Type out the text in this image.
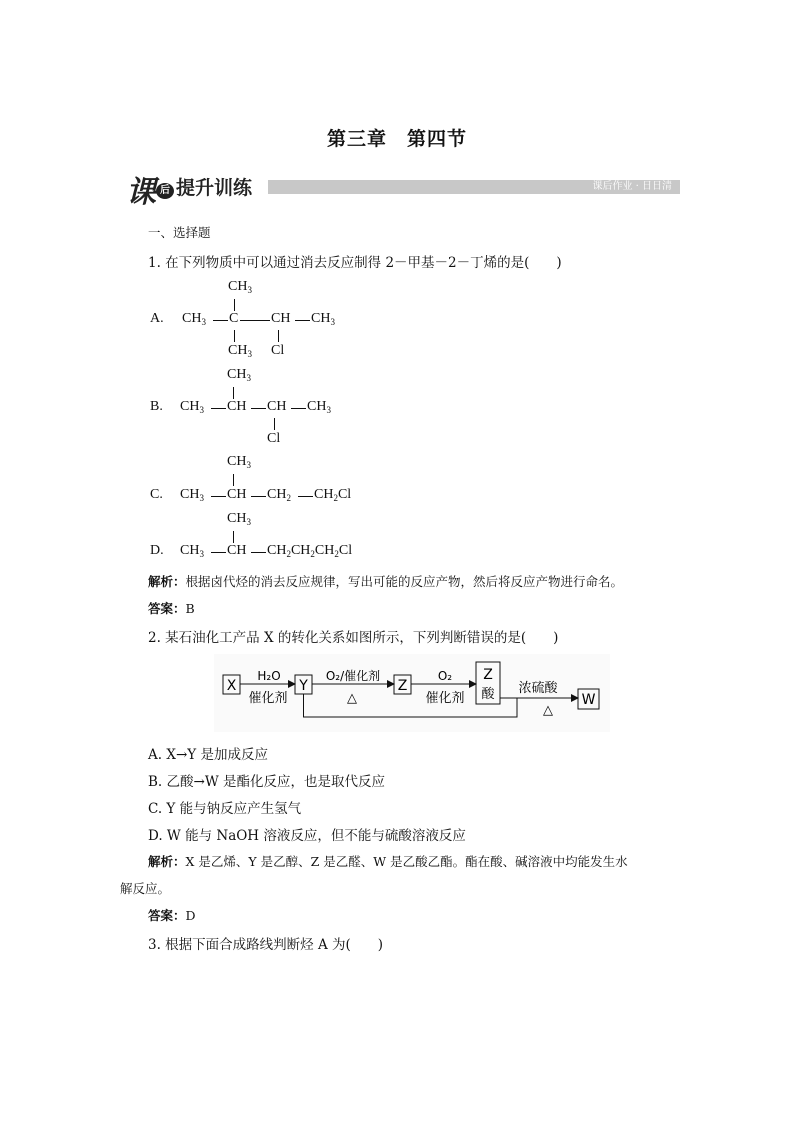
第三章　第四节
课 后 提升训练	课后作业 · 日日清
一、选择题
1. 在下列物质中可以通过消去反应制得 2－甲基－2－丁烯的是(　　)
A.
$CH_3$
$CH_3$ C CH $CH_3$
$CH_3$ Cl
B.
$CH_3$
$CH_3$ CH CH $CH_3$
Cl
C.
$CH_3$
$CH_3$ CH $CH_2$ $CH_2Cl$
D.
$CH_3$
$CH_3$ CH $CH_2CH_2CH_2Cl$
解析：根据卤代烃的消去反应规律，写出可能的反应产物，然后将反应产物进行命名。
答案：B
2. 某石油化工产品 X 的转化关系如图所示，下列判断错误的是(　　)
X
H₂O
催化剂
Y
O₂/催化剂
△
Z
O₂
催化剂
Z
酸 浓硫酸
△
W
A. X→Y 是加成反应
B. 乙酸→W 是酯化反应，也是取代反应
C. Y 能与钠反应产生氢气
D. W 能与 NaOH 溶液反应，但不能与硫酸溶液反应
解析：X 是乙烯、Y 是乙醇、Z 是乙醛、W 是乙酸乙酯。酯在酸、碱溶液中均能发生水
解反应。
答案：D
3. 根据下面合成路线判断烃 A 为(　　)
